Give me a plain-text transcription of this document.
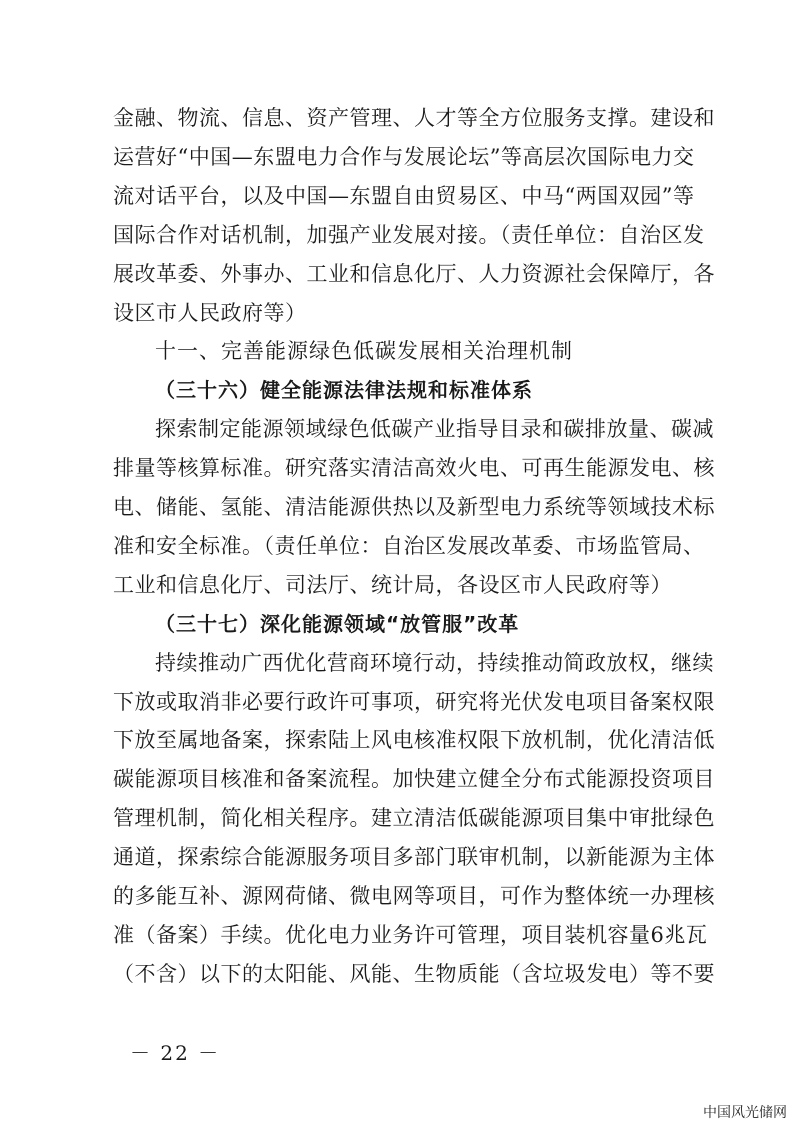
金融、物流、信息、资产管理、人才等全方位服务支撑。建设和
运营好“中国—东盟电力合作与发展论坛”等高层次国际电力交
流对话平台，以及中国—东盟自由贸易区、中马“两国双园”等
国际合作对话机制，加强产业发展对接。（责任单位：自治区发
展改革委、外事办、工业和信息化厅、人力资源社会保障厅，各
设区市人民政府等）
十一、完善能源绿色低碳发展相关治理机制
（三十六）健全能源法律法规和标准体系
探索制定能源领域绿色低碳产业指导目录和碳排放量、碳减
排量等核算标准。研究落实清洁高效火电、可再生能源发电、核
电、储能、氢能、清洁能源供热以及新型电力系统等领域技术标
准和安全标准。（责任单位：自治区发展改革委、市场监管局、
工业和信息化厅、司法厅、统计局，各设区市人民政府等）
（三十七）深化能源领域“放管服”改革
持续推动广西优化营商环境行动，持续推动简政放权，继续
下放或取消非必要行政许可事项，研究将光伏发电项目备案权限
下放至属地备案，探索陆上风电核准权限下放机制，优化清洁低
碳能源项目核准和备案流程。加快建立健全分布式能源投资项目
管理机制，简化相关程序。建立清洁低碳能源项目集中审批绿色
通道，探索综合能源服务项目多部门联审机制，以新能源为主体
的多能互补、源网荷储、微电网等项目，可作为整体统一办理核
准（备案）手续。优化电力业务许可管理，项目装机容量6兆瓦
（不含）以下的太阳能、风能、生物质能（含垃圾发电）等不要
－ 22 －
中国风光储网
